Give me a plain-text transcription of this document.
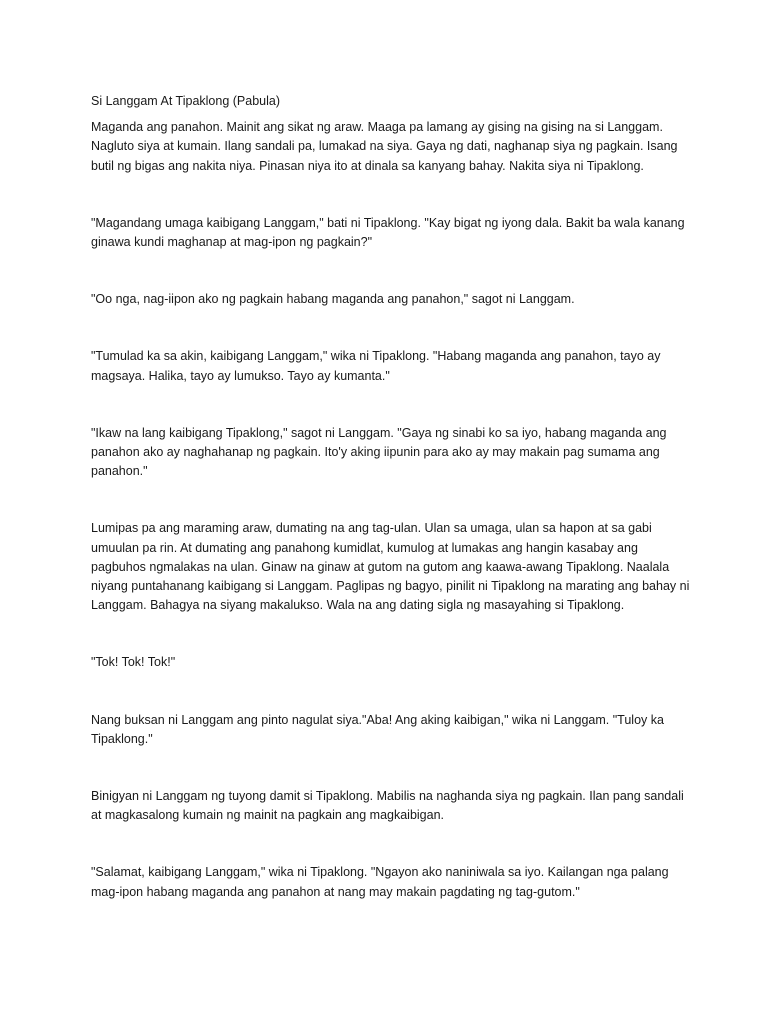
Si Langgam At Tipaklong (Pabula)

Maganda ang panahon. Mainit ang sikat ng araw. Maaga pa lamang ay gising na gising na si Langgam. Nagluto siya at kumain. Ilang sandali pa, lumakad na siya. Gaya ng dati, naghanap siya ng pagkain. Isang butil ng bigas ang nakita niya. Pinasan niya ito at dinala sa kanyang bahay. Nakita siya ni Tipaklong.

"Magandang umaga kaibigang Langgam," bati ni Tipaklong. "Kay bigat ng iyong dala. Bakit ba wala kanang ginawa kundi maghanap at mag-ipon ng pagkain?"

"Oo nga, nag-iipon ako ng pagkain habang maganda ang panahon," sagot ni Langgam.

"Tumulad ka sa akin, kaibigang Langgam," wika ni Tipaklong. "Habang maganda ang panahon, tayo ay magsaya. Halika, tayo ay lumukso. Tayo ay kumanta."

"Ikaw na lang kaibigang Tipaklong," sagot ni Langgam. "Gaya ng sinabi ko sa iyo, habang maganda ang panahon ako ay naghahanap ng pagkain. Ito'y aking iipunin para ako ay may makain pag sumama ang panahon."

Lumipas pa ang maraming araw, dumating na ang tag-ulan. Ulan sa umaga, ulan sa hapon at sa gabi umuulan pa rin. At dumating ang panahong kumidlat, kumulog at lumakas ang hangin kasabay ang pagbuhos ngmalakas na ulan. Ginaw na ginaw at gutom na gutom ang kaawa-awang Tipaklong. Naalala niyang puntahanang kaibigang si Langgam. Paglipas ng bagyo, pinilit ni Tipaklong na marating ang bahay ni Langgam. Bahagya na siyang makalukso. Wala na ang dating sigla ng masayahing si Tipaklong.

"Tok! Tok! Tok!"

Nang buksan ni Langgam ang pinto nagulat siya."Aba! Ang aking kaibigan," wika ni Langgam. "Tuloy ka Tipaklong."

Binigyan ni Langgam ng tuyong damit si Tipaklong. Mabilis na naghanda siya ng pagkain. Ilan pang sandali at magkasalong kumain ng mainit na pagkain ang magkaibigan.

"Salamat, kaibigang Langgam," wika ni Tipaklong. "Ngayon ako naniniwala sa iyo. Kailangan nga palang mag-ipon habang maganda ang panahon at nang may makain pagdating ng tag-gutom."
